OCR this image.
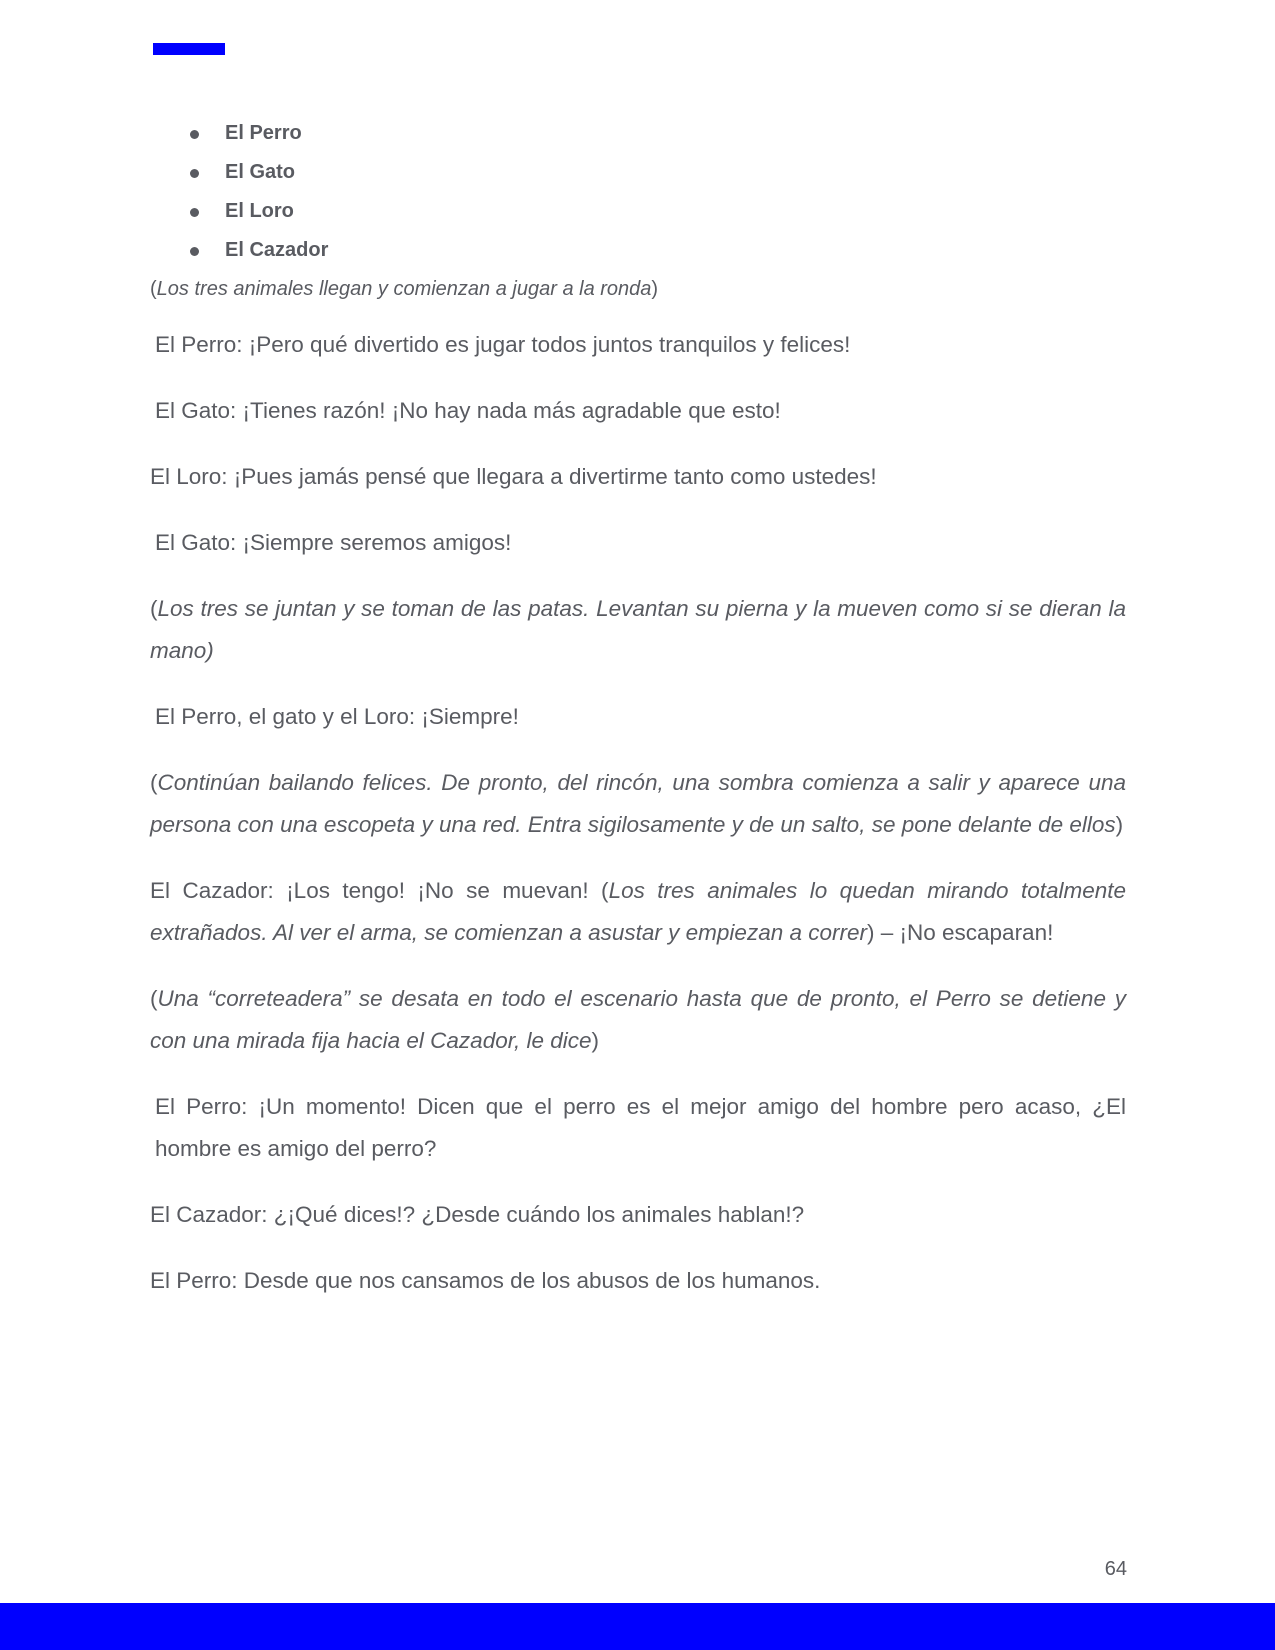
El Perro
El Gato
El Loro
El Cazador

(Los tres animales llegan y comienzan a jugar a la ronda)

El Perro: ¡Pero qué divertido es jugar todos juntos tranquilos y felices!

El Gato: ¡Tienes razón! ¡No hay nada más agradable que esto!

El Loro: ¡Pues jamás pensé que llegara a divertirme tanto como ustedes!

El Gato: ¡Siempre seremos amigos!

(Los tres se juntan y se toman de las patas. Levantan su pierna y la mueven como si se dieran la mano)

El Perro, el gato y el Loro: ¡Siempre!

(Continúan bailando felices. De pronto, del rincón, una sombra comienza a salir y aparece una persona con una escopeta y una red. Entra sigilosamente y de un salto, se pone delante de ellos)

El Cazador: ¡Los tengo! ¡No se muevan! (Los tres animales lo quedan mirando totalmente extrañados. Al ver el arma, se comienzan a asustar y empiezan a correr) – ¡No escaparan!

(Una “correteadera” se desata en todo el escenario hasta que de pronto, el Perro se detiene y con una mirada fija hacia el Cazador, le dice)

El Perro: ¡Un momento! Dicen que el perro es el mejor amigo del hombre pero acaso, ¿El hombre es amigo del perro?

El Cazador: ¿¡Qué dices!? ¿Desde cuándo los animales hablan!?

El Perro: Desde que nos cansamos de los abusos de los humanos.

64
